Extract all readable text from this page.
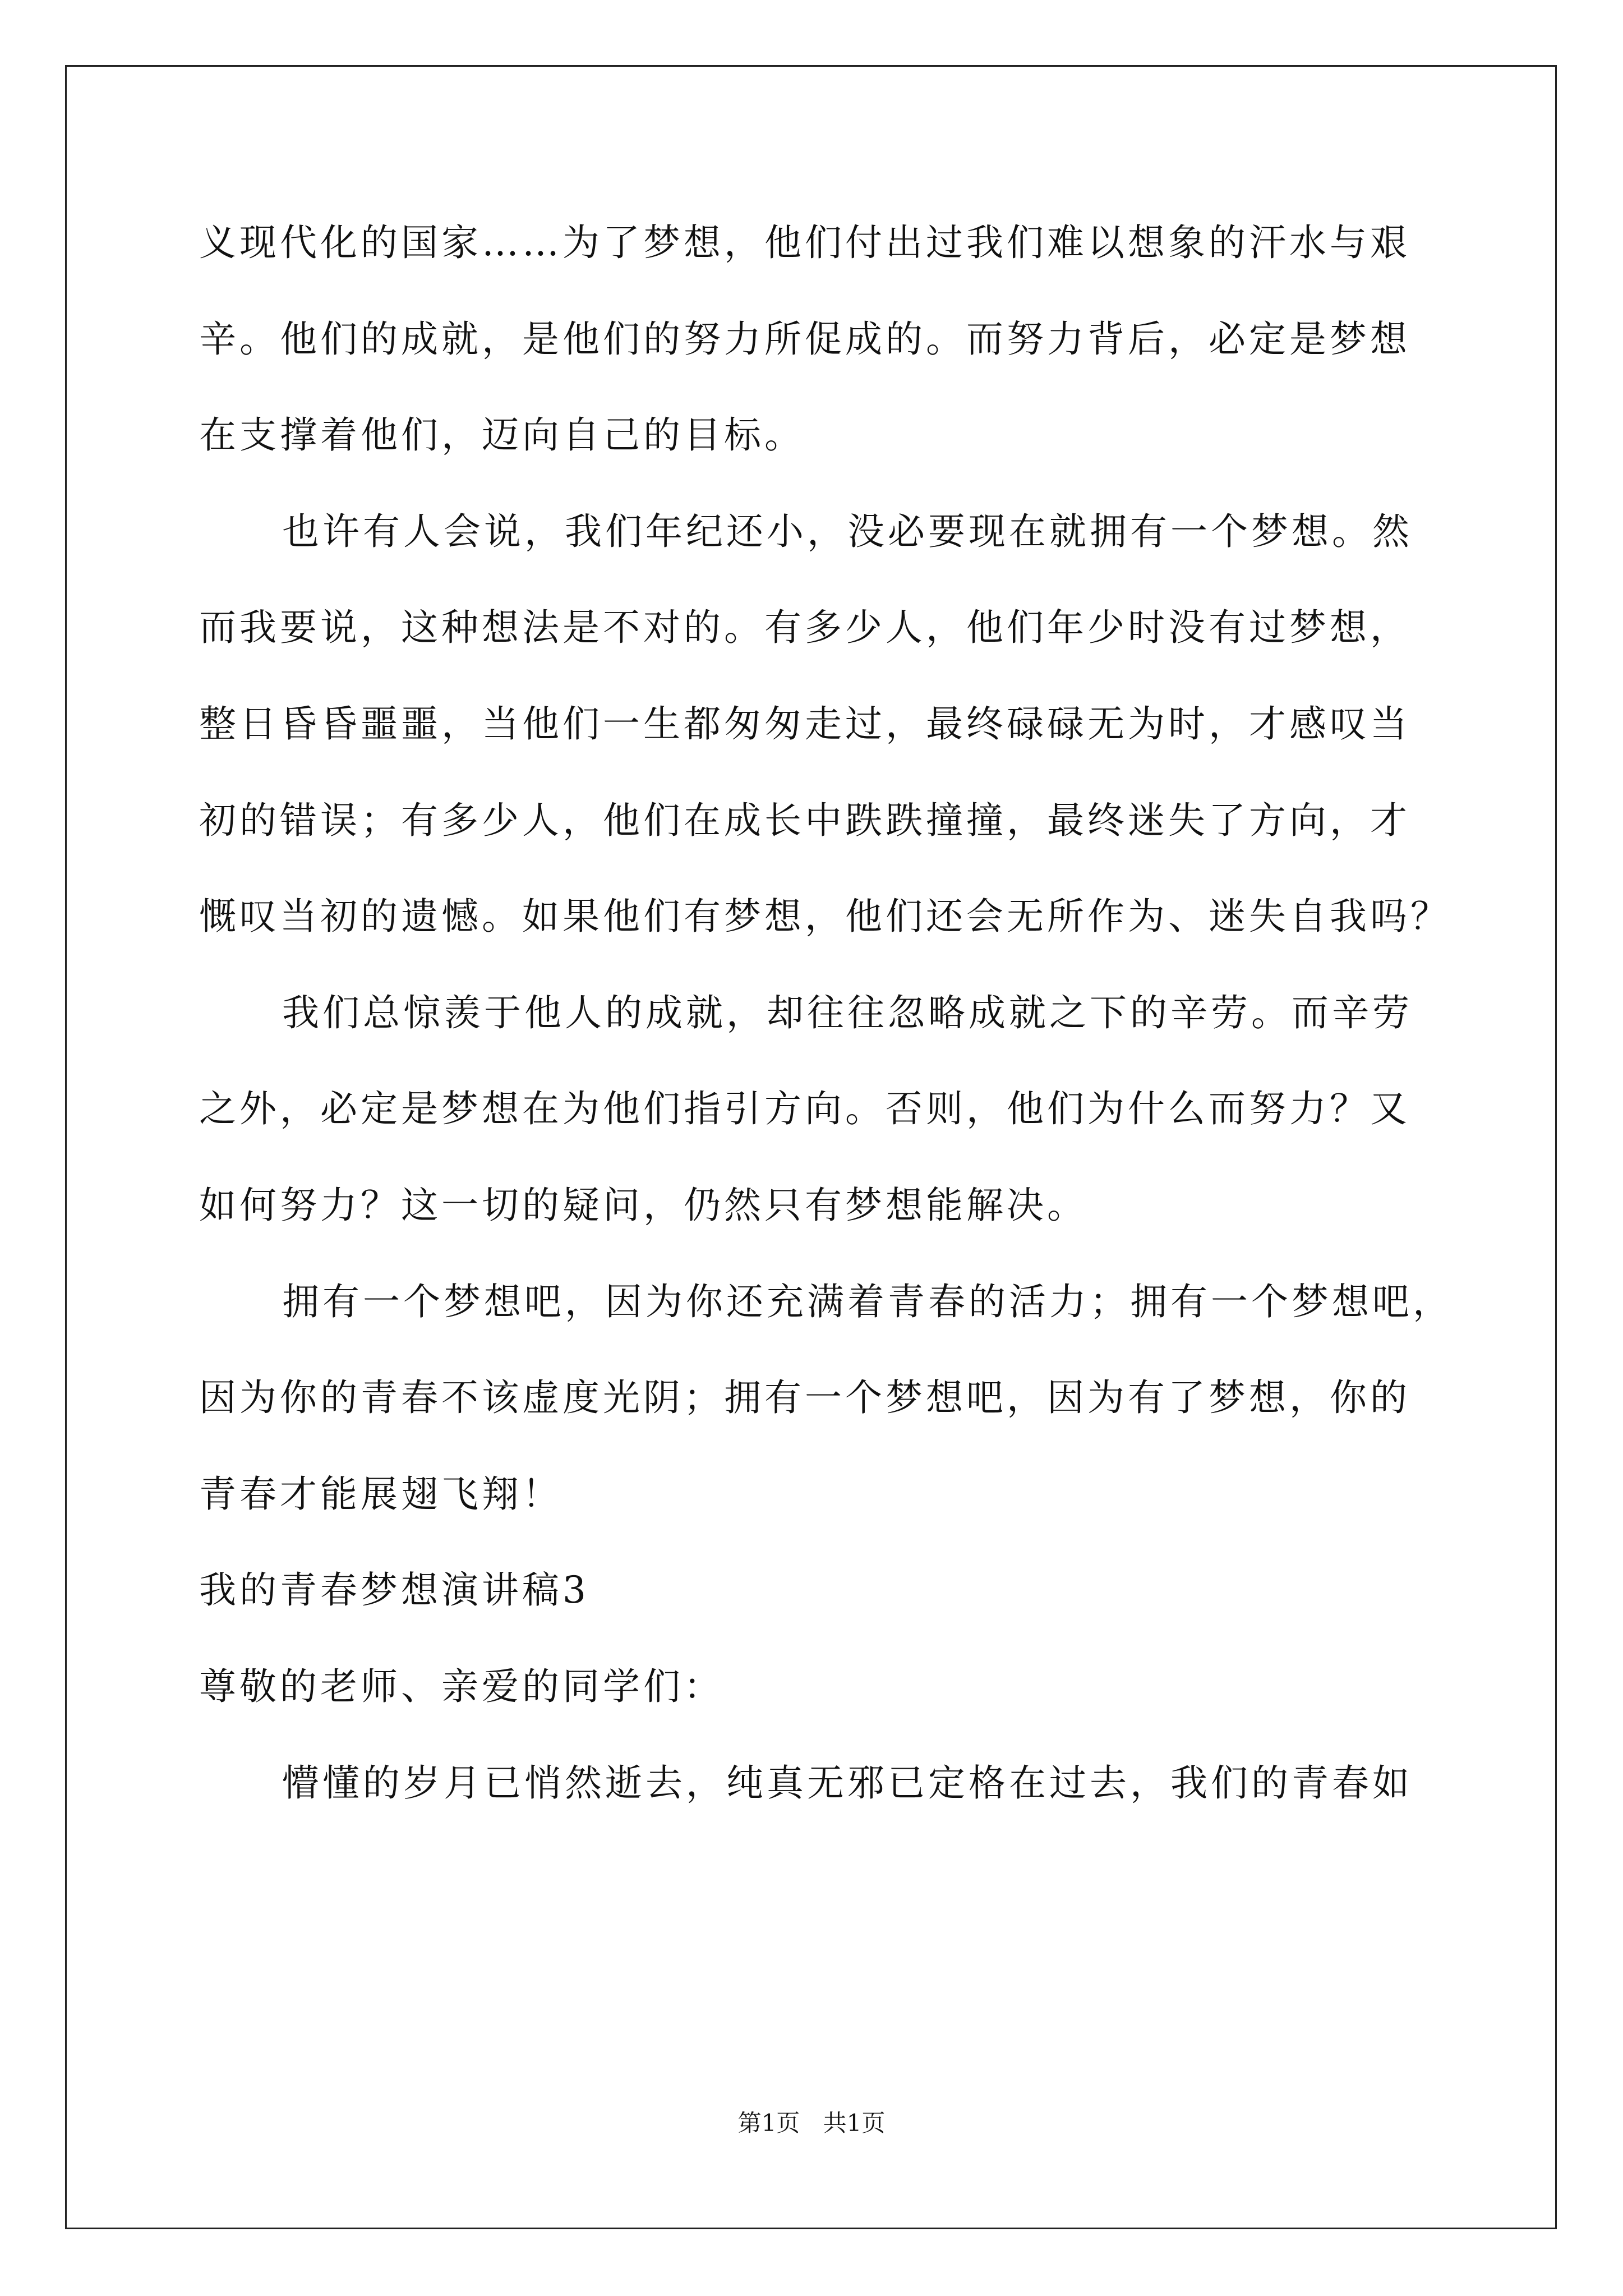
义现代化的国家……为了梦想，他们付出过我们难以想象的汗水与艰
辛。他们的成就，是他们的努力所促成的。而努力背后，必定是梦想
在支撑着他们，迈向自己的目标。
也许有人会说，我们年纪还小，没必要现在就拥有一个梦想。然
而我要说，这种想法是不对的。有多少人，他们年少时没有过梦想，
整日昏昏噩噩，当他们一生都匆匆走过，最终碌碌无为时，才感叹当
初的错误；有多少人，他们在成长中跌跌撞撞，最终迷失了方向，才
慨叹当初的遗憾。如果他们有梦想，他们还会无所作为、迷失自我吗？
我们总惊羡于他人的成就，却往往忽略成就之下的辛劳。而辛劳
之外，必定是梦想在为他们指引方向。否则，他们为什么而努力？又
如何努力？这一切的疑问，仍然只有梦想能解决。
拥有一个梦想吧，因为你还充满着青春的活力；拥有一个梦想吧，
因为你的青春不该虚度光阴；拥有一个梦想吧，因为有了梦想，你的
青春才能展翅飞翔！
我的青春梦想演讲稿3
尊敬的老师、亲爱的同学们：
懵懂的岁月已悄然逝去，纯真无邪已定格在过去，我们的青春如
第1页 共1页
